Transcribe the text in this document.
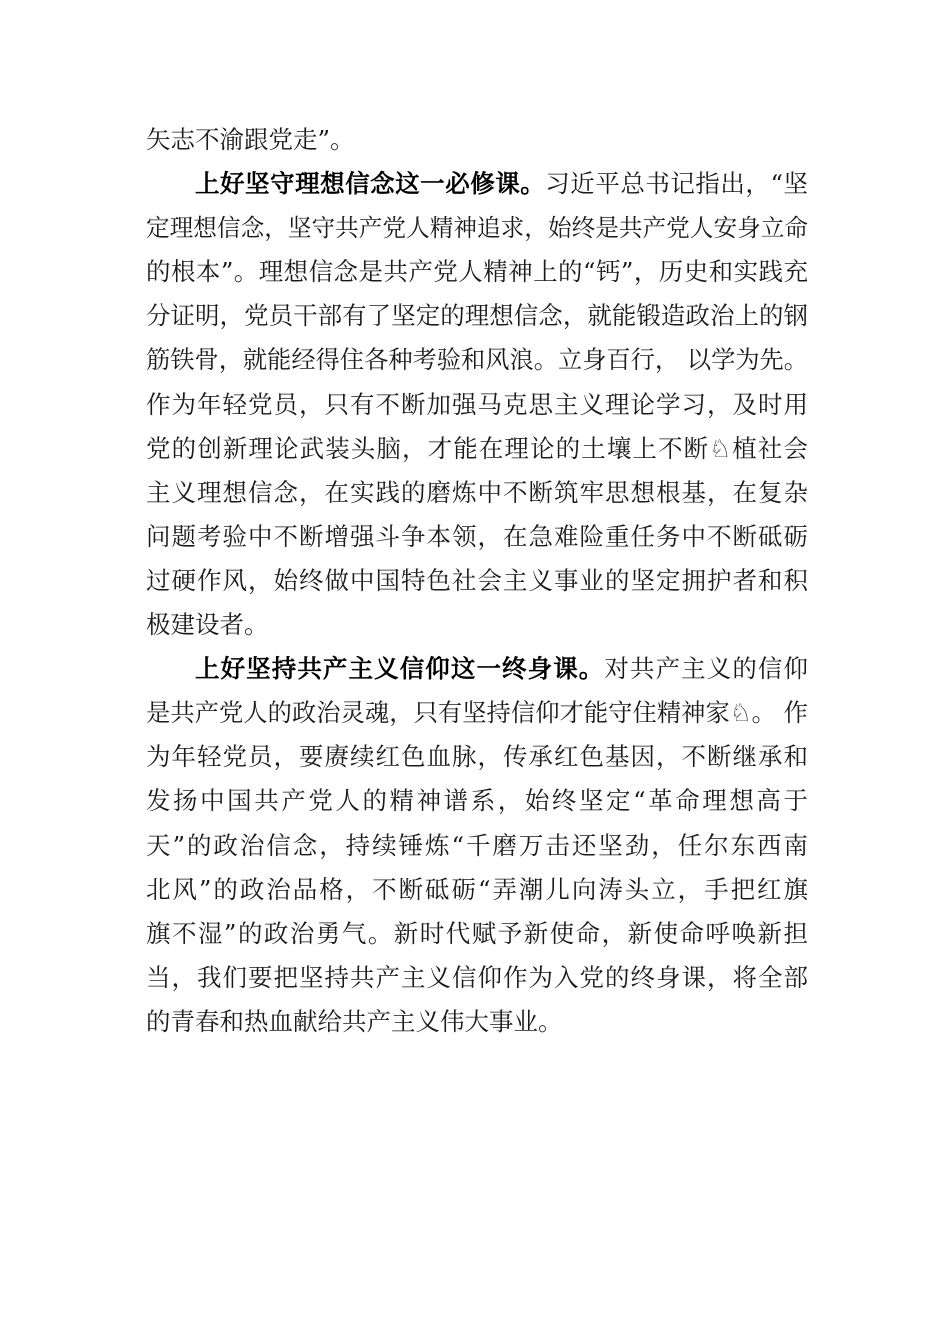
矢志不渝跟党走”。
上好坚守理想信念这一必修课。习近平总书记指出，“坚
定理想信念，坚守共产党人精神追求，始终是共产党人安身立命
的根本”。理想信念是共产党人精神上的“钙”，历史和实践充
分证明，党员干部有了坚定的理想信念，就能锻造政治上的钢
筋铁骨，就能经得住各种考验和风浪。立身百行， 以学为先。
作为年轻党员，只有不断加强马克思主义理论学习，及时用
党的创新理论武装头脑，才能在理论的土壤上不断♘植社会
主义理想信念，在实践的磨炼中不断筑牢思想根基，在复杂
问题考验中不断增强斗争本领，在急难险重任务中不断砥砺
过硬作风，始终做中国特色社会主义事业的坚定拥护者和积
极建设者。
上好坚持共产主义信仰这一终身课。对共产主义的信仰
是共产党人的政治灵魂，只有坚持信仰才能守住精神家♘。 作
为年轻党员，要赓续红色血脉，传承红色基因，不断继承和
发扬中国共产党人的精神谱系，始终坚定“革命理想高于
天”的政治信念，持续锤炼“千磨万击还坚劲，任尔东西南
北风”的政治品格，不断砥砺“弄潮儿向涛头立，手把红旗
旗不湿”的政治勇气。新时代赋予新使命，新使命呼唤新担
当，我们要把坚持共产主义信仰作为入党的终身课，将全部
的青春和热血献给共产主义伟大事业。
